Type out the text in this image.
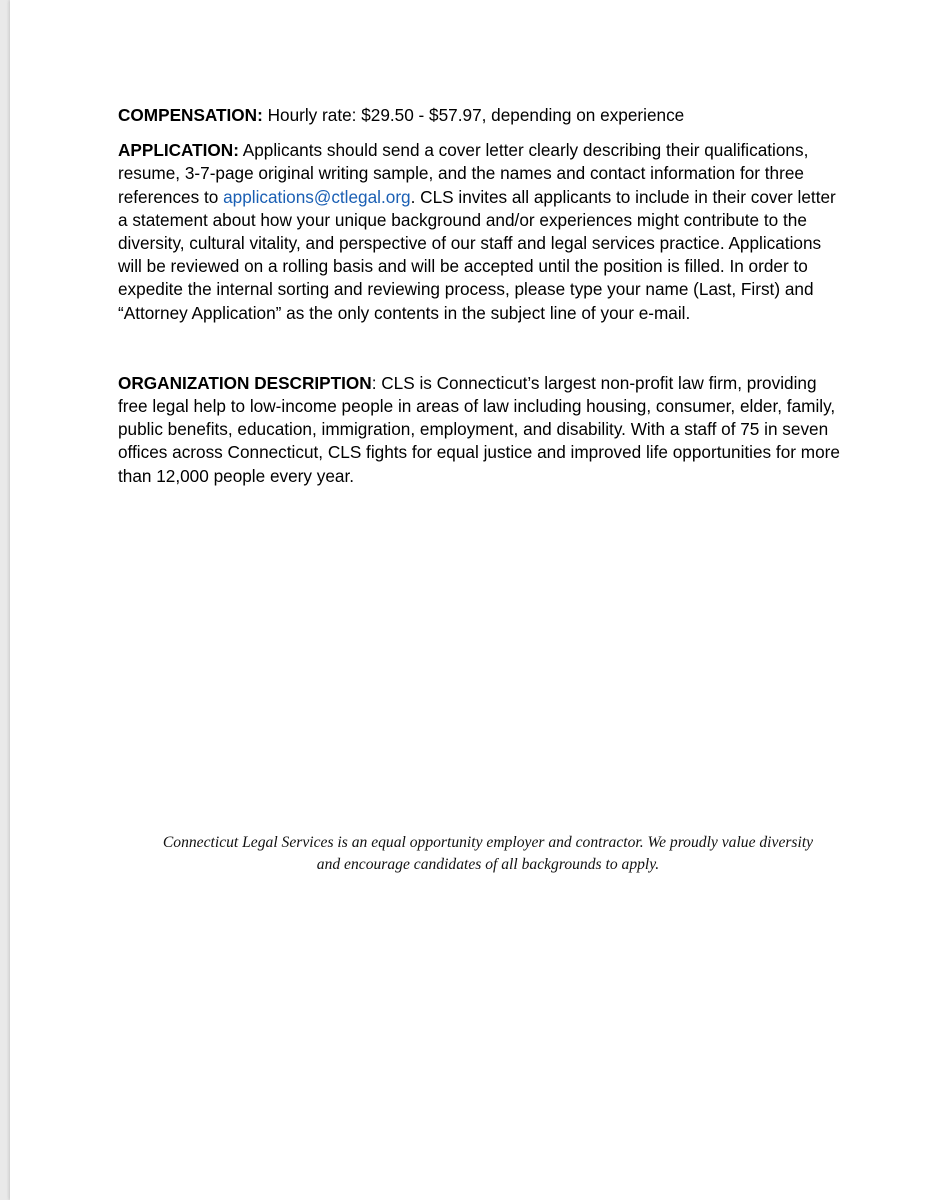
COMPENSATION: Hourly rate: $29.50 - $57.97, depending on experience

APPLICATION: Applicants should send a cover letter clearly describing their qualifications, resume, 3-7-page original writing sample, and the names and contact information for three references to applications@ctlegal.org. CLS invites all applicants to include in their cover letter a statement about how your unique background and/or experiences might contribute to the diversity, cultural vitality, and perspective of our staff and legal services practice. Applications will be reviewed on a rolling basis and will be accepted until the position is filled. In order to expedite the internal sorting and reviewing process, please type your name (Last, First) and “Attorney Application” as the only contents in the subject line of your e-mail.

ORGANIZATION DESCRIPTION: CLS is Connecticut’s largest non-profit law firm, providing free legal help to low-income people in areas of law including housing, consumer, elder, family, public benefits, education, immigration, employment, and disability. With a staff of 75 in seven offices across Connecticut, CLS fights for equal justice and improved life opportunities for more than 12,000 people every year.

Connecticut Legal Services is an equal opportunity employer and contractor. We proudly value diversity
and encourage candidates of all backgrounds to apply.
